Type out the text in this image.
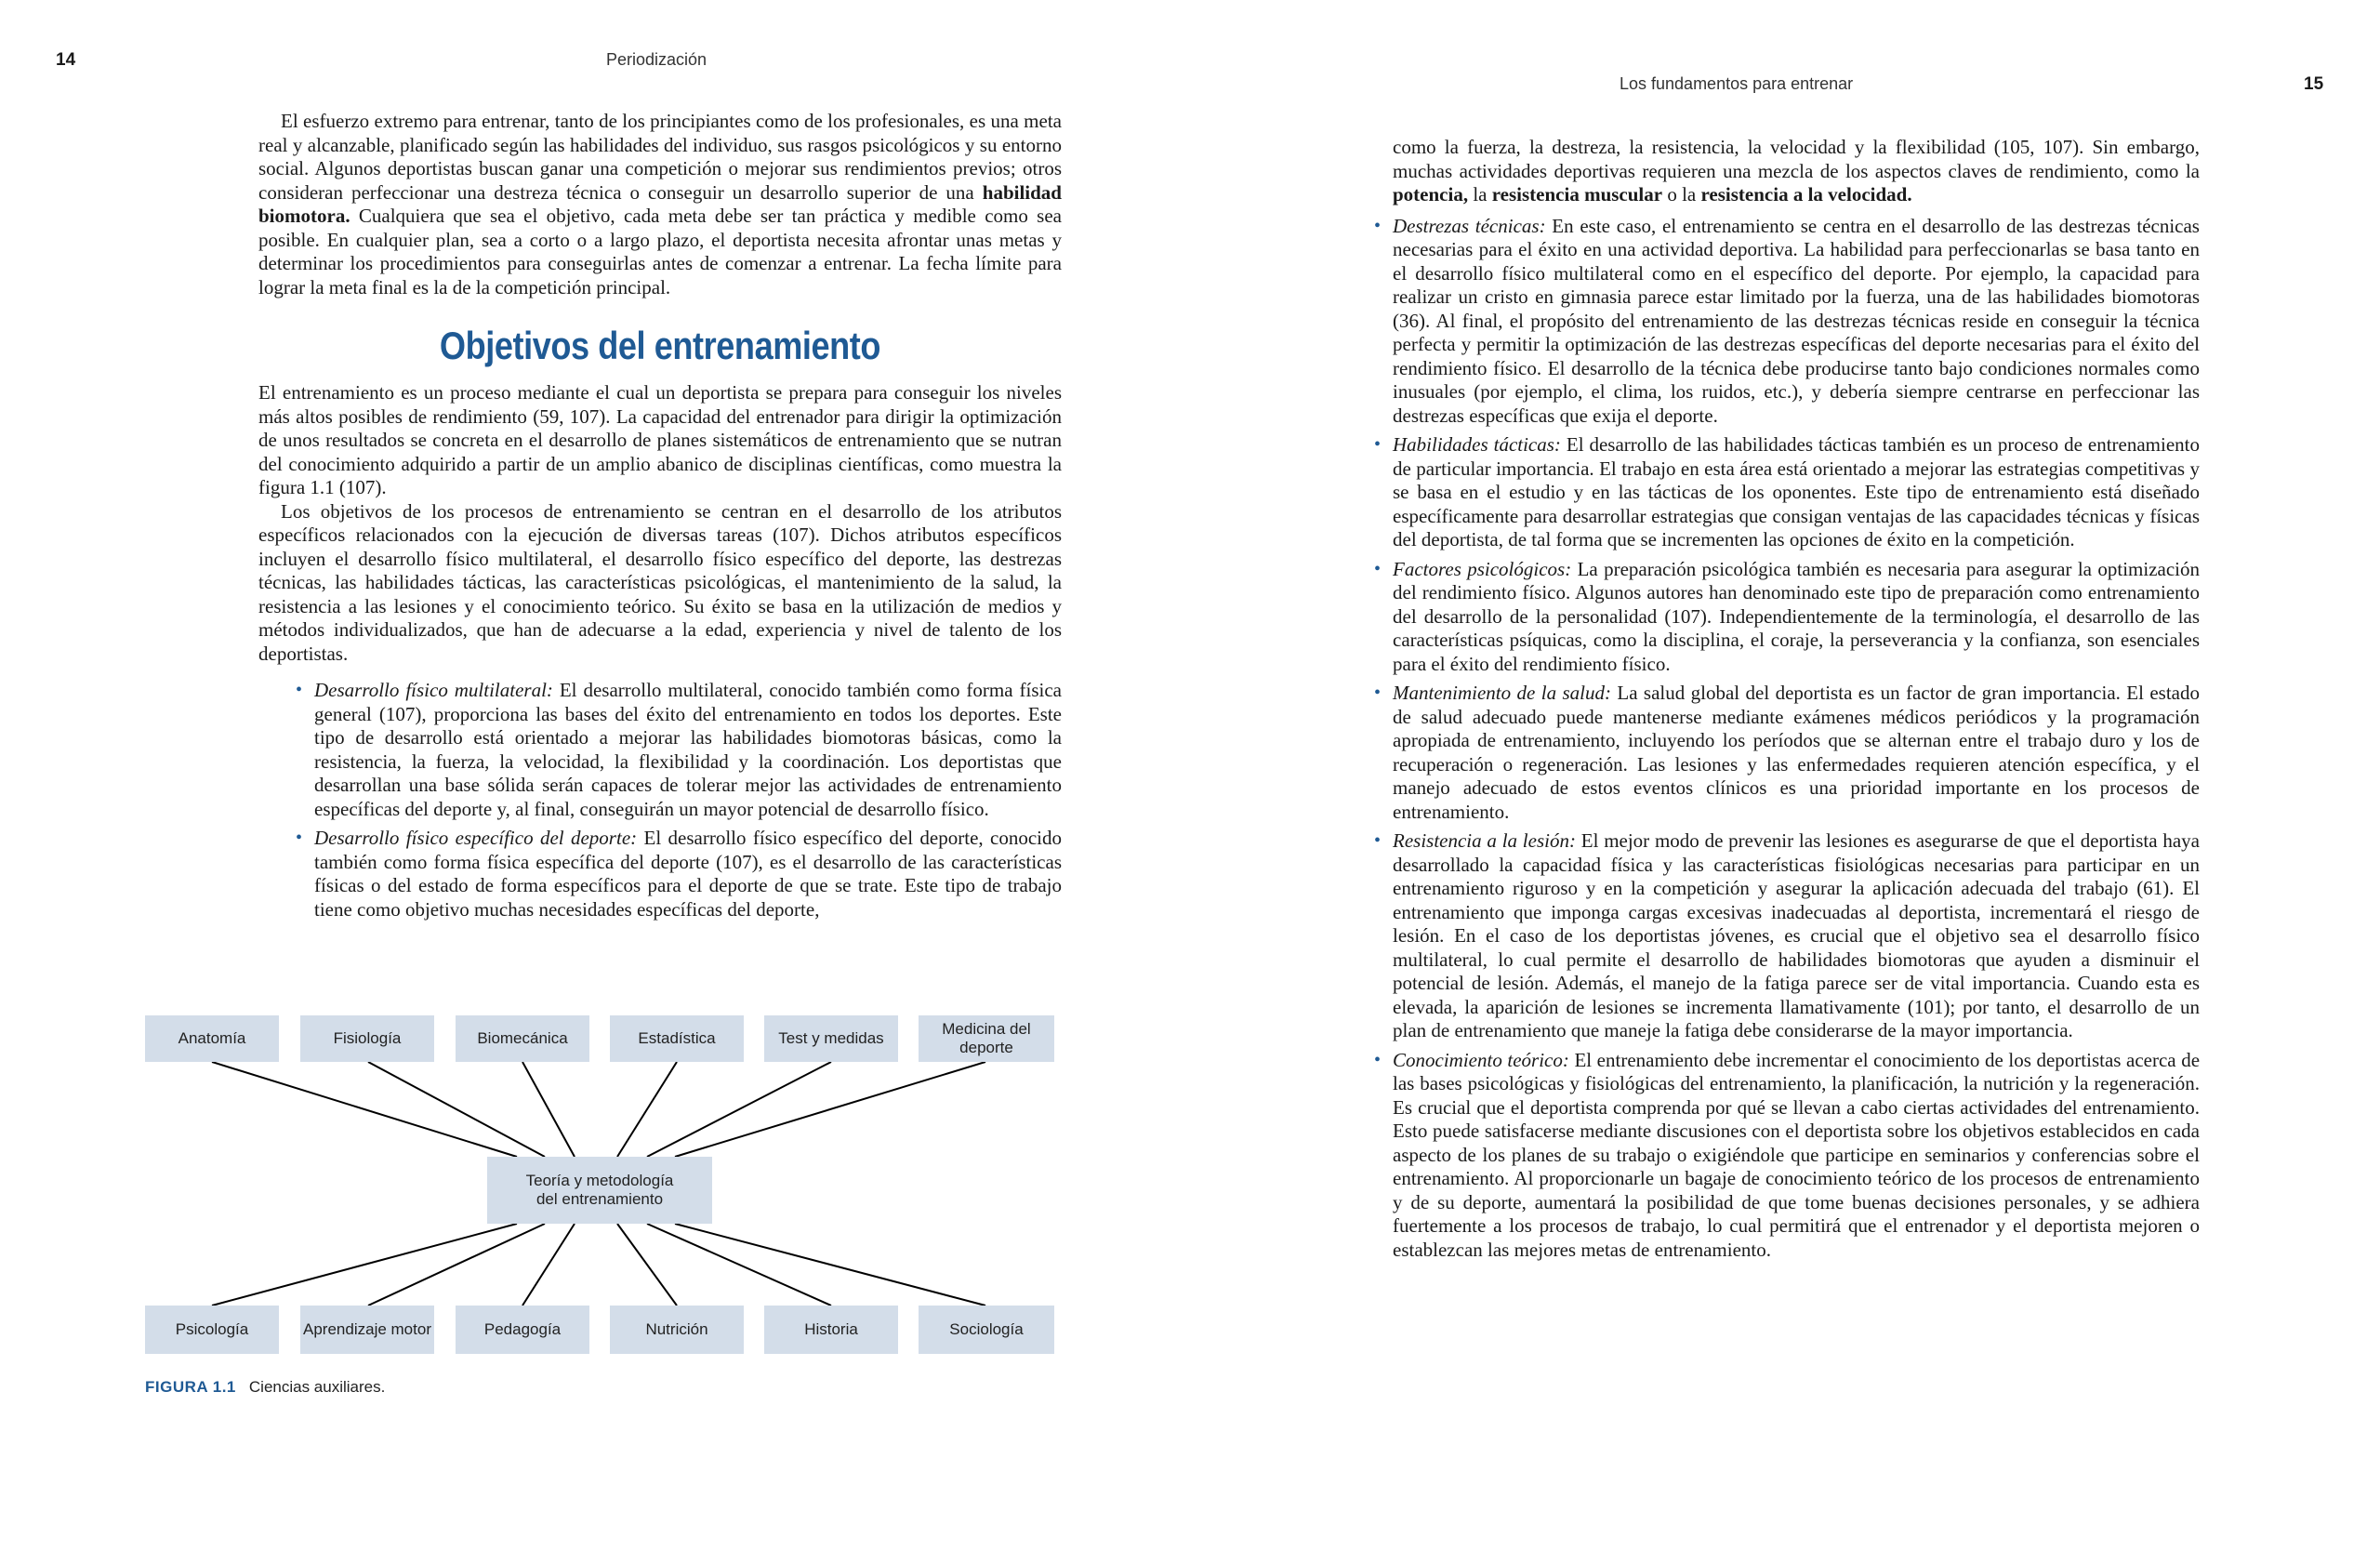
14	Periodización

El esfuerzo extremo para entrenar, tanto de los principiantes como de los profesionales, es una meta real y alcanzable, planificado según las habilidades del individuo, sus rasgos psicológicos y su entorno social. Algunos deportistas buscan ganar una competición o mejorar sus rendimientos previos; otros consideran perfeccionar una destreza técnica o conseguir un desarrollo superior de una habilidad biomotora. Cualquiera que sea el objetivo, cada meta debe ser tan práctica y medible como sea posible. En cualquier plan, sea a corto o a largo plazo, el deportista necesita afrontar unas metas y determinar los procedimientos para conseguirlas antes de comenzar a entrenar. La fecha límite para lograr la meta final es la de la competición principal.

Objetivos del entrenamiento

El entrenamiento es un proceso mediante el cual un deportista se prepara para conseguir los niveles más altos posibles de rendimiento (59, 107). La capacidad del entrenador para dirigir la optimización de unos resultados se concreta en el desarrollo de planes sistemáticos de entrenamiento que se nutran del conocimiento adquirido a partir de un amplio abanico de disciplinas científicas, como muestra la figura 1.1 (107).

Los objetivos de los procesos de entrenamiento se centran en el desarrollo de los atributos específicos relacionados con la ejecución de diversas tareas (107). Dichos atributos específicos incluyen el desarrollo físico multilateral, el desarrollo físico específico del deporte, las destrezas técnicas, las habilidades tácticas, las características psicológicas, el mantenimiento de la salud, la resistencia a las lesiones y el conocimiento teórico. Su éxito se basa en la utilización de medios y métodos individualizados, que han de adecuarse a la edad, experiencia y nivel de talento de los deportistas.

• Desarrollo físico multilateral: El desarrollo multilateral, conocido también como forma física general (107), proporciona las bases del éxito del entrenamiento en todos los deportes. Este tipo de desarrollo está orientado a mejorar las habilidades biomotoras básicas, como la resistencia, la fuerza, la velocidad, la flexibilidad y la coordinación. Los deportistas que desarrollan una base sólida serán capaces de tolerar mejor las actividades de entrenamiento específicas del deporte y, al final, conseguirán un mayor potencial de desarrollo físico.
• Desarrollo físico específico del deporte: El desarrollo físico específico del deporte, conocido también como forma física específica del deporte (107), es el desarrollo de las características físicas o del estado de forma específicos para el deporte de que se trate. Este tipo de trabajo tiene como objetivo muchas necesidades específicas del deporte,
Anatomía	Fisiología	Biomecánica	Estadística	Test y medidas
Medicina del deporte
Teoría y metodología del entrenamiento
Psicología	Aprendizaje motor	Pedagogía	Nutrición	Historia	Sociología
FIGURA 1.1 Ciencias auxiliares.
Los fundamentos para entrenar	15

como la fuerza, la destreza, la resistencia, la velocidad y la flexibilidad (105, 107). Sin embargo, muchas actividades deportivas requieren una mezcla de los aspectos claves de rendimiento, como la potencia, la resistencia muscular o la resistencia a la velocidad.

• Destrezas técnicas: En este caso, el entrenamiento se centra en el desarrollo de las destrezas técnicas necesarias para el éxito en una actividad deportiva. La habilidad para perfeccionarlas se basa tanto en el desarrollo físico multilateral como en el específico del deporte. Por ejemplo, la capacidad para realizar un cristo en gimnasia parece estar limitado por la fuerza, una de las habilidades biomotoras (36). Al final, el propósito del entrenamiento de las destrezas técnicas reside en conseguir la técnica perfecta y permitir la optimización de las destrezas específicas del deporte necesarias para el éxito del rendimiento físico. El desarrollo de la técnica debe producirse tanto bajo condiciones normales como inusuales (por ejemplo, el clima, los ruidos, etc.), y debería siempre centrarse en perfeccionar las destrezas específicas que exija el deporte.
• Habilidades tácticas: El desarrollo de las habilidades tácticas también es un proceso de entrenamiento de particular importancia. El trabajo en esta área está orientado a mejorar las estrategias competitivas y se basa en el estudio y en las tácticas de los oponentes. Este tipo de entrenamiento está diseñado específicamente para desarrollar estrategias que consigan ventajas de las capacidades técnicas y físicas del deportista, de tal forma que se incrementen las opciones de éxito en la competición.
• Factores psicológicos: La preparación psicológica también es necesaria para asegurar la optimización del rendimiento físico. Algunos autores han denominado este tipo de preparación como entrenamiento del desarrollo de la personalidad (107). Independientemente de la terminología, el desarrollo de las características psíquicas, como la disciplina, el coraje, la perseverancia y la confianza, son esenciales para el éxito del rendimiento físico.
• Mantenimiento de la salud: La salud global del deportista es un factor de gran importancia. El estado de salud adecuado puede mantenerse mediante exámenes médicos periódicos y la programación apropiada de entrenamiento, incluyendo los períodos que se alternan entre el trabajo duro y los de recuperación o regeneración. Las lesiones y las enfermedades requieren atención específica, y el manejo adecuado de estos eventos clínicos es una prioridad importante en los procesos de entrenamiento.
• Resistencia a la lesión: El mejor modo de prevenir las lesiones es asegurarse de que el deportista haya desarrollado la capacidad física y las características fisiológicas necesarias para participar en un entrenamiento riguroso y en la competición y asegurar la aplicación adecuada del trabajo (61). El entrenamiento que imponga cargas excesivas inadecuadas al deportista, incrementará el riesgo de lesión. En el caso de los deportistas jóvenes, es crucial que el objetivo sea el desarrollo físico multilateral, lo cual permite el desarrollo de habilidades biomotoras que ayuden a disminuir el potencial de lesión. Además, el manejo de la fatiga parece ser de vital importancia. Cuando esta es elevada, la aparición de lesiones se incrementa llamativamente (101); por tanto, el desarrollo de un plan de entrenamiento que maneje la fatiga debe considerarse de la mayor importancia.
• Conocimiento teórico: El entrenamiento debe incrementar el conocimiento de los deportistas acerca de las bases psicológicas y fisiológicas del entrenamiento, la planificación, la nutrición y la regeneración. Es crucial que el deportista comprenda por qué se llevan a cabo ciertas actividades del entrenamiento. Esto puede satisfacerse mediante discusiones con el deportista sobre los objetivos establecidos en cada aspecto de los planes de su trabajo o exigiéndole que participe en seminarios y conferencias sobre el entrenamiento. Al proporcionarle un bagaje de conocimiento teórico de los procesos de entrenamiento y de su deporte, aumentará la posibilidad de que tome buenas decisiones personales, y se adhiera fuertemente a los procesos de trabajo, lo cual permitirá que el entrenador y el deportista mejoren o establezcan las mejores metas de entrenamiento.
